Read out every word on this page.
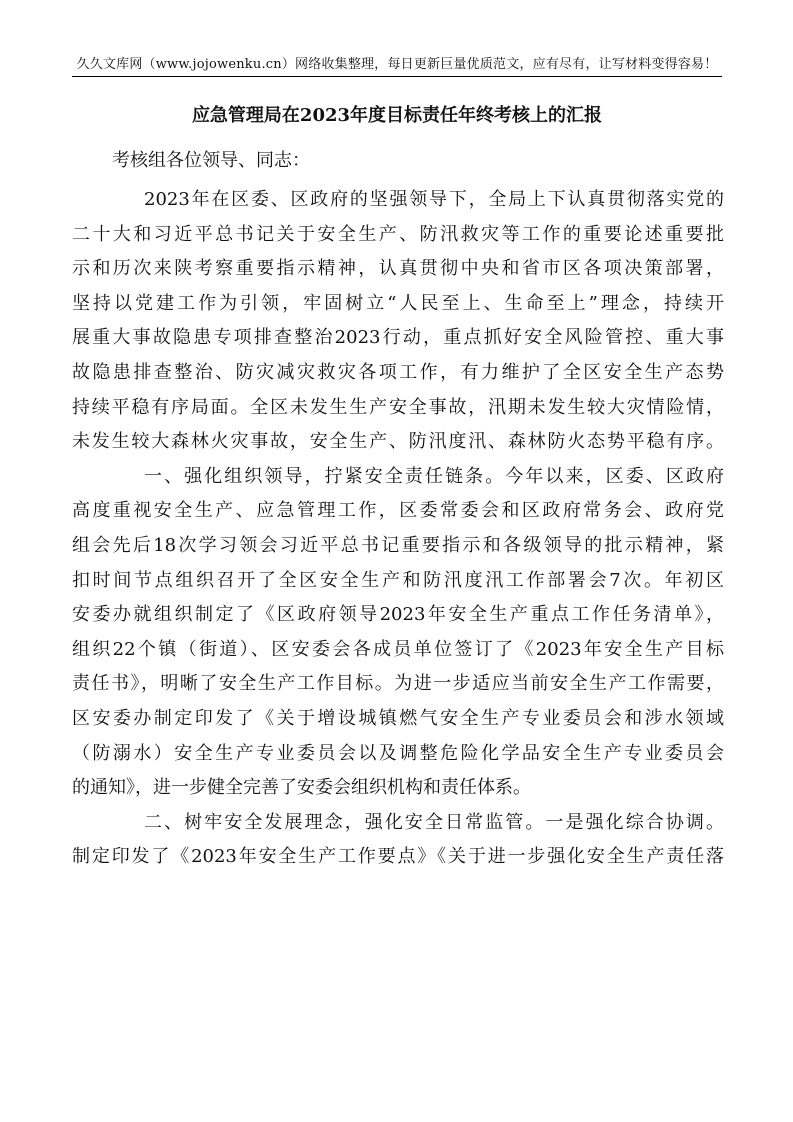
久久文库网（www.jojowenku.cn）网络收集整理，每日更新巨量优质范文，应有尽有，让写材料变得容易！
应急管理局在2023年度目标责任年终考核上的汇报
考核组各位领导、同志：
2023年在区委、区政府的坚强领导下，全局上下认真贯彻落实党的
二十大和习近平总书记关于安全生产、防汛救灾等工作的重要论述重要批
示和历次来陕考察重要指示精神，认真贯彻中央和省市区各项决策部署，
坚持以党建工作为引领，牢固树立“人民至上、生命至上”理念，持续开
展重大事故隐患专项排查整治2023行动，重点抓好安全风险管控、重大事
故隐患排查整治、防灾减灾救灾各项工作，有力维护了全区安全生产态势
持续平稳有序局面。全区未发生生产安全事故，汛期未发生较大灾情险情，
未发生较大森林火灾事故，安全生产、防汛度汛、森林防火态势平稳有序。
一、强化组织领导，拧紧安全责任链条。今年以来，区委、区政府
高度重视安全生产、应急管理工作，区委常委会和区政府常务会、政府党
组会先后18次学习领会习近平总书记重要指示和各级领导的批示精神，紧
扣时间节点组织召开了全区安全生产和防汛度汛工作部署会7次。年初区
安委办就组织制定了《区政府领导2023年安全生产重点工作任务清单》，
组织22个镇（街道）、区安委会各成员单位签订了《2023年安全生产目标
责任书》，明晰了安全生产工作目标。为进一步适应当前安全生产工作需要，
区安委办制定印发了《关于增设城镇燃气安全生产专业委员会和涉水领域
（防溺水）安全生产专业委员会以及调整危险化学品安全生产专业委员会
的通知》，进一步健全完善了安委会组织机构和责任体系。
二、树牢安全发展理念，强化安全日常监管。一是强化综合协调。
制定印发了《2023年安全生产工作要点》《关于进一步强化安全生产责任落
